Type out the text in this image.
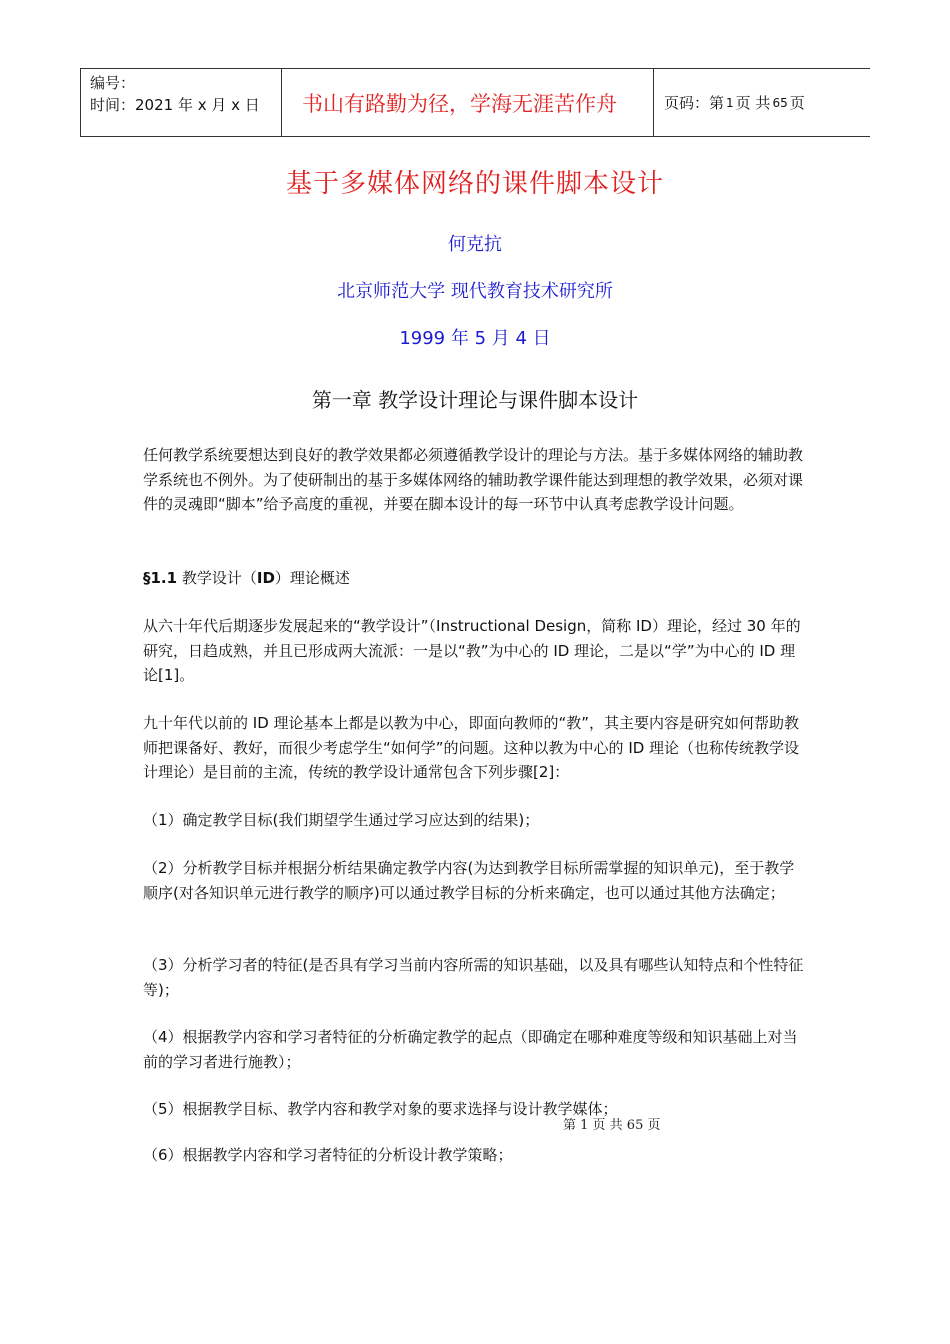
编号：
时间：2021 年 x 月 x 日	书山有路勤为径，学海无涯苦作舟	页码：第 1 页 共 65 页
基于多媒体网络的课件脚本设计
何克抗
北京师范大学 现代教育技术研究所
1999 年 5 月 4 日
第一章 教学设计理论与课件脚本设计
任何教学系统要想达到良好的教学效果都必须遵循教学设计的理论与方法。基于多媒体网络的辅助教学系统也不例外。为了使研制出的基于多媒体网络的辅助教学课件能达到理想的教学效果，必须对课件的灵魂即“脚本”给予高度的重视，并要在脚本设计的每一环节中认真考虑教学设计问题。
§1.1 教学设计（ID）理论概述
从六十年代后期逐步发展起来的“教学设计”（Instructional Design，简称 ID）理论，经过 30 年的研究，日趋成熟，并且已形成两大流派：一是以“教”为中心的 ID 理论，二是以“学”为中心的 ID 理论[1]。
九十年代以前的 ID 理论基本上都是以教为中心，即面向教师的“教”，其主要内容是研究如何帮助教师把课备好、教好，而很少考虑学生“如何学”的问题。这种以教为中心的 ID 理论（也称传统教学设计理论）是目前的主流，传统的教学设计通常包含下列步骤[2]：
（1）确定教学目标(我们期望学生通过学习应达到的结果)；
（2）分析教学目标并根据分析结果确定教学内容(为达到教学目标所需掌握的知识单元)，至于教学顺序(对各知识单元进行教学的顺序)可以通过教学目标的分析来确定，也可以通过其他方法确定；
（3）分析学习者的特征(是否具有学习当前内容所需的知识基础，以及具有哪些认知特点和个性特征等)；
（4）根据教学内容和学习者特征的分析确定教学的起点（即确定在哪种难度等级和知识基础上对当前的学习者进行施教）；
（5）根据教学目标、教学内容和教学对象的要求选择与设计教学媒体；
（6）根据教学内容和学习者特征的分析设计教学策略；
第 1 页 共 65 页
